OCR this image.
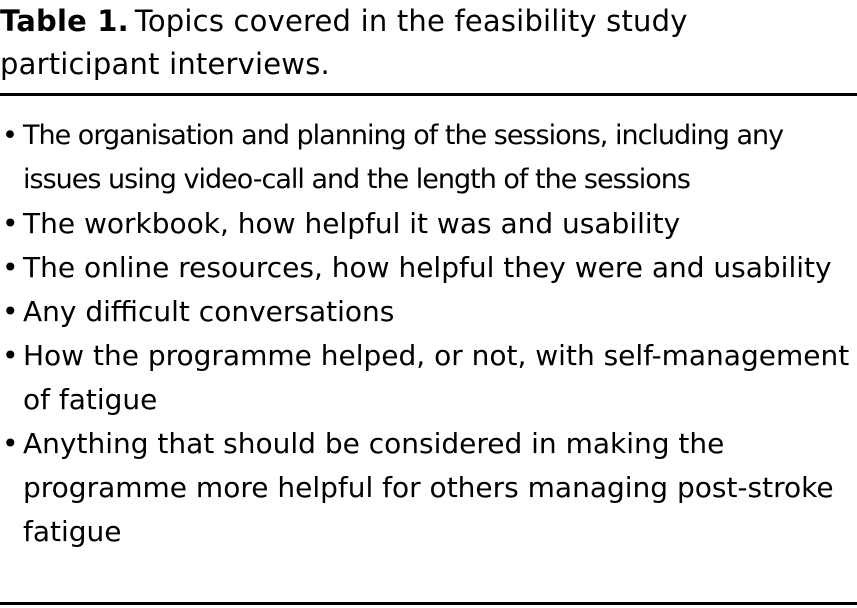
Table 1. Topics covered in the feasibility study participant interviews.
• The organisation and planning of the sessions, including any issues using video-call and the length of the sessions
• The workbook, how helpful it was and usability
• The online resources, how helpful they were and usability
• Any difficult conversations
• How the programme helped, or not, with self-management of fatigue
• Anything that should be considered in making the programme more helpful for others managing post-stroke fatigue
